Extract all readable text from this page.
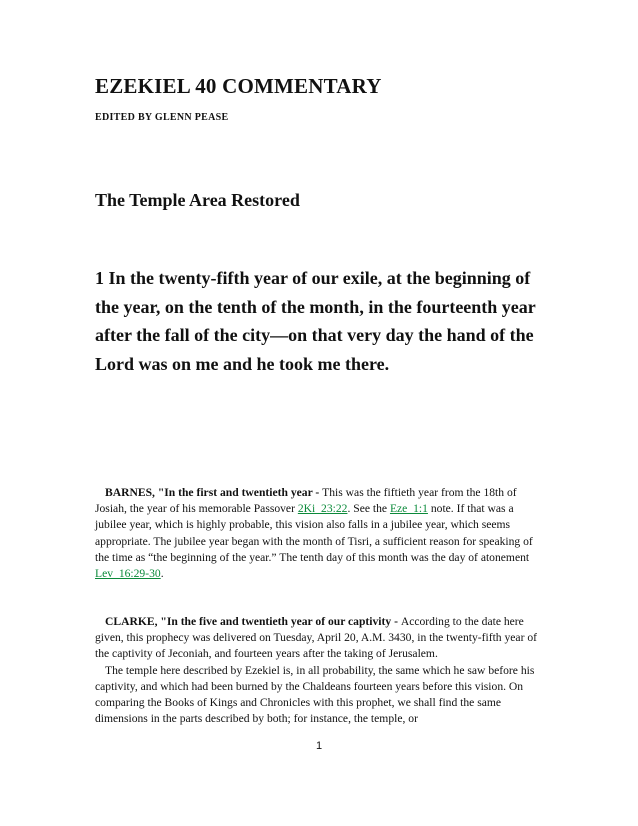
EZEKIEL 40 COMMENTARY
EDITED BY GLENN PEASE
The Temple Area Restored
1 In the twenty-fifth year of our exile, at the beginning of the year, on the tenth of the month, in the fourteenth year after the fall of the city—on that very day the hand of the Lord was on me and he took me there.

BARNES, "In the first and twentieth year - This was the fiftieth year from the 18th of Josiah, the year of his memorable Passover 2Ki_23:22. See the Eze_1:1 note. If that was a jubilee year, which is highly probable, this vision also falls in a jubilee year, which seems appropriate. The jubilee year began with the month of Tisri, a sufficient reason for speaking of the time as “the beginning of the year.” The tenth day of this month was the day of atonement Lev_16:29-30.

CLARKE, "In the five and twentieth year of our captivity - According to the date here given, this prophecy was delivered on Tuesday, April 20, A.M. 3430, in the twenty-fifth year of the captivity of Jeconiah, and fourteen years after the taking of Jerusalem.

The temple here described by Ezekiel is, in all probability, the same which he saw before his captivity, and which had been burned by the Chaldeans fourteen years before this vision. On comparing the Books of Kings and Chronicles with this prophet, we shall find the same dimensions in the parts described by both; for instance, the temple, or

1
